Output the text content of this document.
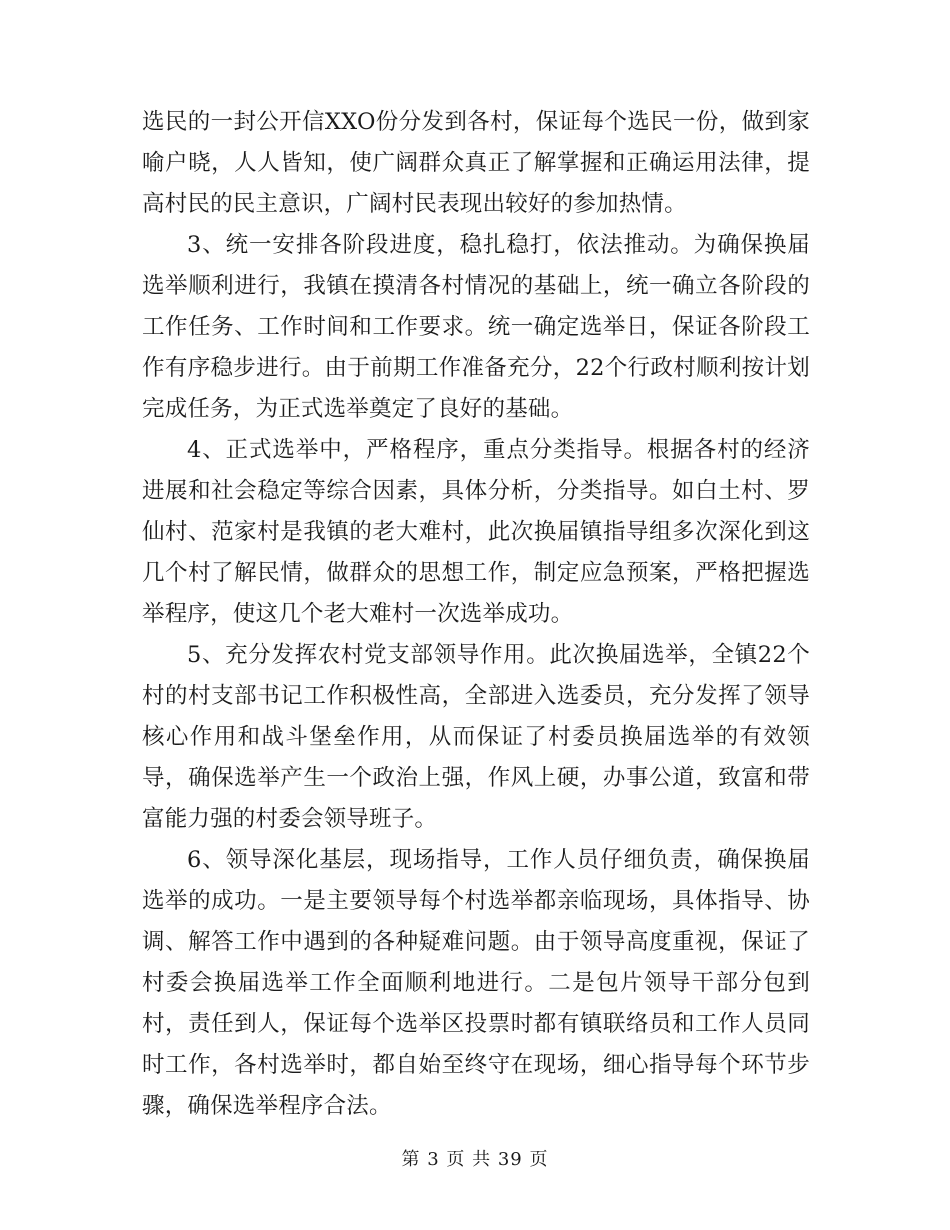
选民的一封公开信XXO份分发到各村，保证每个选民一份，做到家喻户晓，人人皆知，使广阔群众真正了解掌握和正确运用法律，提高村民的民主意识，广阔村民表现出较好的参加热情。

3、统一安排各阶段进度，稳扎稳打，依法推动。为确保换届选举顺利进行，我镇在摸清各村情况的基础上，统一确立各阶段的工作任务、工作时间和工作要求。统一确定选举日，保证各阶段工作有序稳步进行。由于前期工作准备充分，22个行政村顺利按计划完成任务，为正式选举奠定了良好的基础。

4、正式选举中，严格程序，重点分类指导。根据各村的经济进展和社会稳定等综合因素，具体分析，分类指导。如白土村、罗仙村、范家村是我镇的老大难村，此次换届镇指导组多次深化到这几个村了解民情，做群众的思想工作，制定应急预案，严格把握选举程序，使这几个老大难村一次选举成功。

5、充分发挥农村党支部领导作用。此次换届选举，全镇22个村的村支部书记工作积极性高，全部进入选委员，充分发挥了领导核心作用和战斗堡垒作用，从而保证了村委员换届选举的有效领导，确保选举产生一个政治上强，作风上硬，办事公道，致富和带富能力强的村委会领导班子。

6、领导深化基层，现场指导，工作人员仔细负责，确保换届选举的成功。一是主要领导每个村选举都亲临现场，具体指导、协调、解答工作中遇到的各种疑难问题。由于领导高度重视，保证了村委会换届选举工作全面顺利地进行。二是包片领导干部分包到村，责任到人，保证每个选举区投票时都有镇联络员和工作人员同时工作，各村选举时，都自始至终守在现场，细心指导每个环节步骤，确保选举程序合法。

第 3 页 共 39 页
